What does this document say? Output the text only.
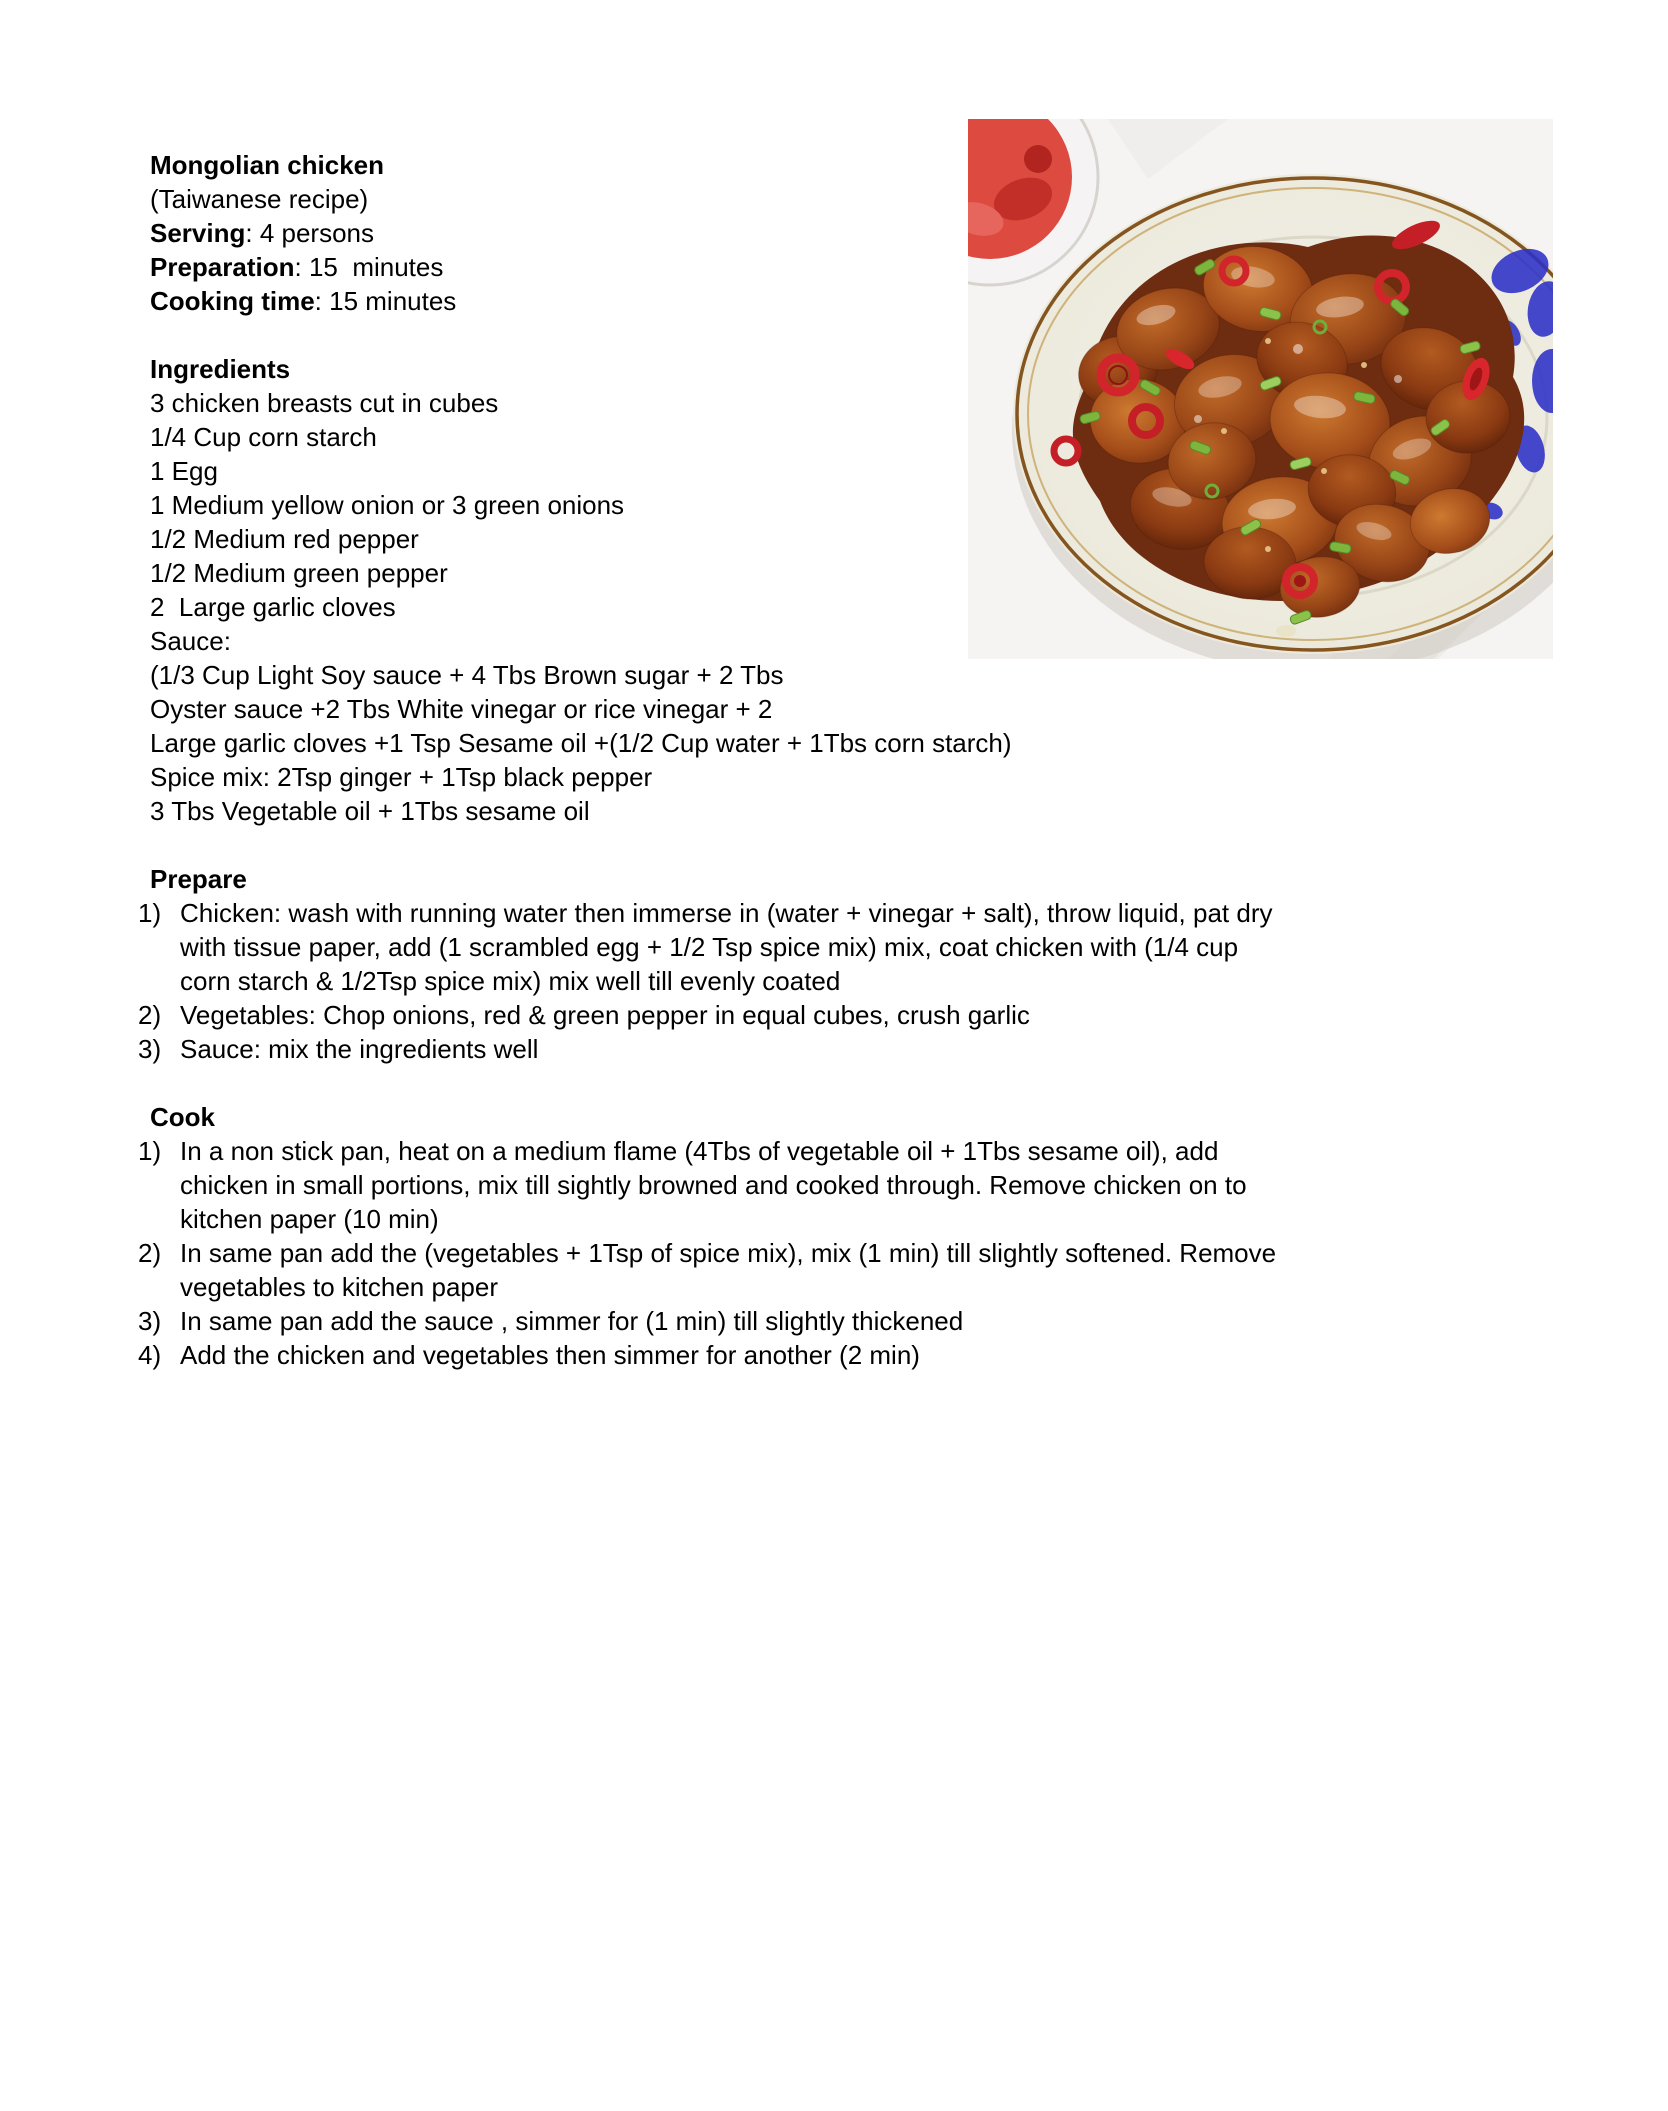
Mongolian chicken
(Taiwanese recipe)
Serving: 4 persons
Preparation: 15  minutes
Cooking time: 15 minutes
Ingredients
3 chicken breasts cut in cubes
1/4 Cup corn starch
1 Egg
1 Medium yellow onion or 3 green onions
1/2 Medium red pepper
1/2 Medium green pepper
2  Large garlic cloves
Sauce:
(1/3 Cup Light Soy sauce + 4 Tbs Brown sugar + 2 Tbs
Oyster sauce +2 Tbs White vinegar or rice vinegar + 2
Large garlic cloves +1 Tsp Sesame oil +(1/2 Cup water + 1Tbs corn starch)
Spice mix: 2Tsp ginger + 1Tsp black pepper
3 Tbs Vegetable oil + 1Tbs sesame oil
Prepare
1) Chicken: wash with running water then immerse in (water + vinegar + salt), throw liquid, pat dry
with tissue paper, add (1 scrambled egg + 1/2 Tsp spice mix) mix, coat chicken with (1/4 cup
corn starch & 1/2Tsp spice mix) mix well till evenly coated
2) Vegetables: Chop onions, red & green pepper in equal cubes, crush garlic
3) Sauce: mix the ingredients well
Cook
1) In a non stick pan, heat on a medium flame (4Tbs of vegetable oil + 1Tbs sesame oil), add
chicken in small portions, mix till sightly browned and cooked through. Remove chicken on to
kitchen paper (10 min)
2) In same pan add the (vegetables + 1Tsp of spice mix), mix (1 min) till slightly softened. Remove
vegetables to kitchen paper
3) In same pan add the sauce , simmer for (1 min) till slightly thickened
4) Add the chicken and vegetables then simmer for another (2 min)
